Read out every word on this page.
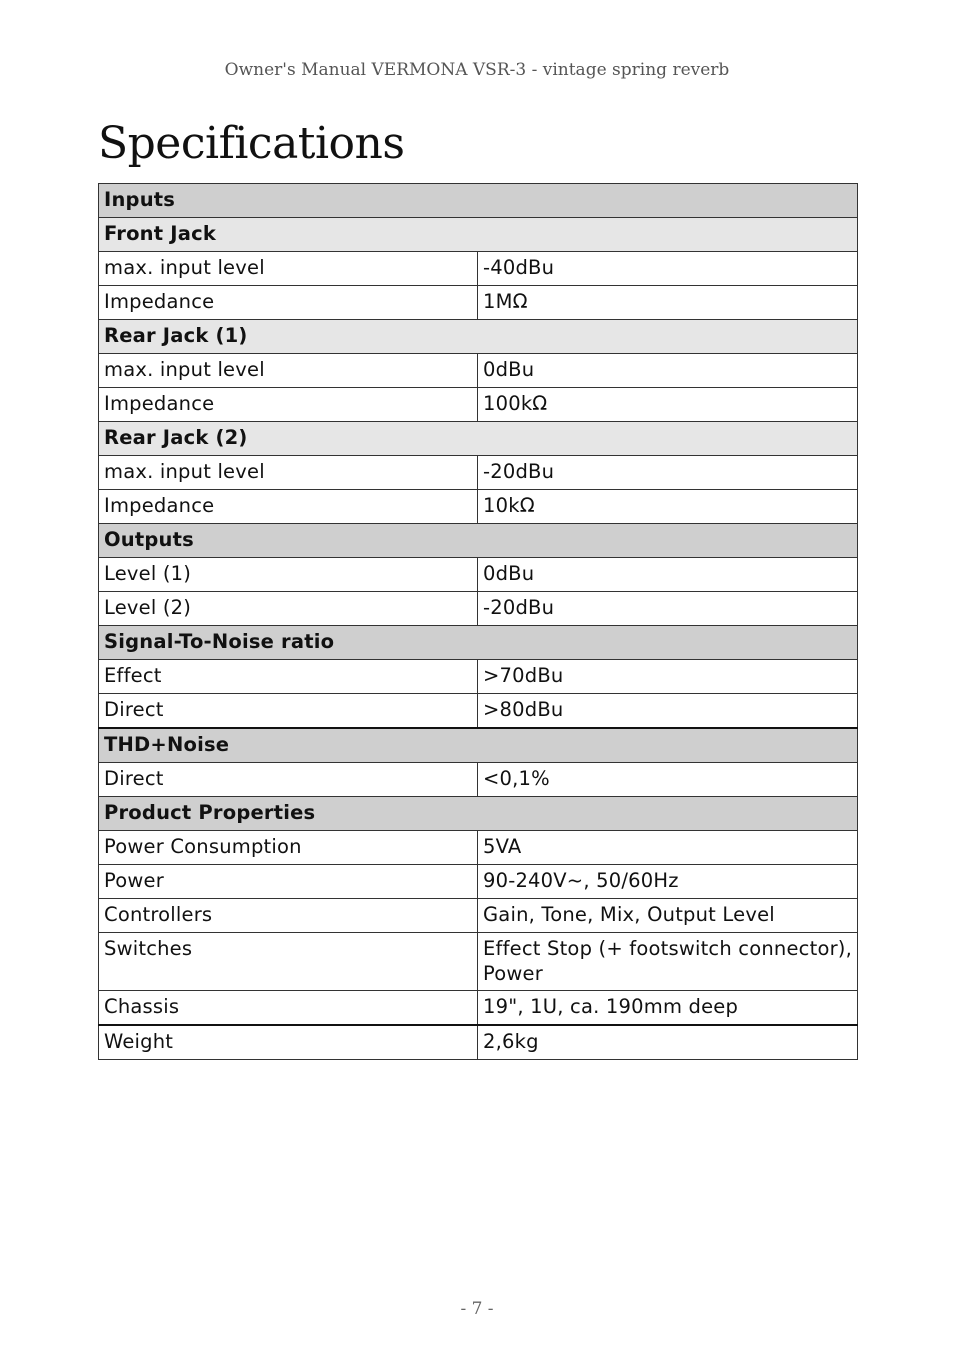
Owner's Manual VERMONA VSR-3 - vintage spring reverb
Specifications
Inputs	
Front Jack	
max. input level	-40dBu
Impedance	1MΩ
Rear Jack (1)	
max. input level	0dBu
Impedance	100kΩ
Rear Jack (2)	
max. input level	-20dBu
Impedance	10kΩ
Outputs	
Level (1)	0dBu
Level (2)	-20dBu
Signal-To-Noise ratio	
Effect	>70dBu
Direct	>80dBu
THD+Noise	
Direct	<0,1%
Product Properties	
Power Consumption	5VA
Power	90-240V~, 50/60Hz
Controllers	Gain, Tone, Mix, Output Level
Switches	Effect Stop (+ footswitch connector), Power
Chassis	19", 1U, ca. 190mm deep
Weight	2,6kg
- 7 -
